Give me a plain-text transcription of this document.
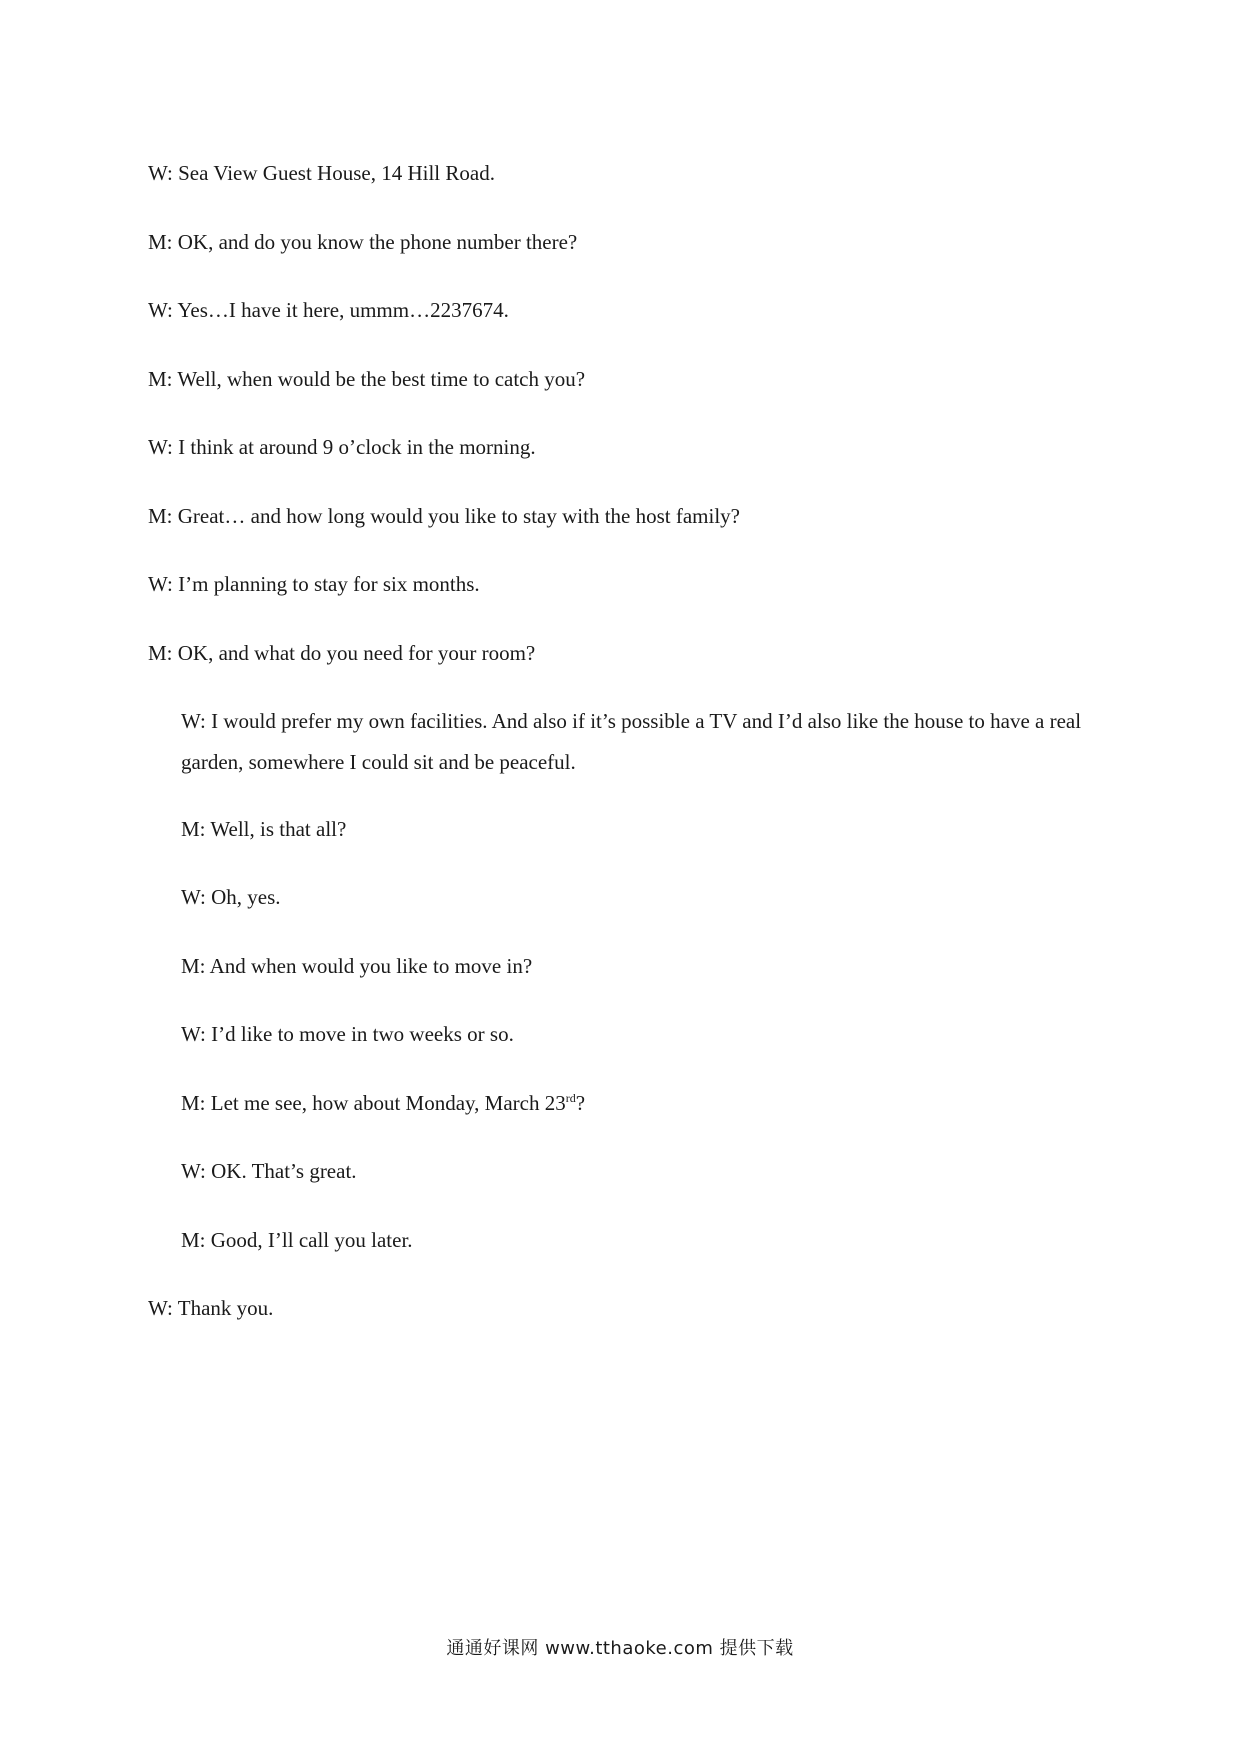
W: Sea View Guest House, 14 Hill Road.
M: OK, and do you know the phone number there?
W: Yes…I have it here, ummm…2237674.
M: Well, when would be the best time to catch you?
W: I think at around 9 o’clock in the morning.
M: Great… and how long would you like to stay with the host family?
W: I’m planning to stay for six months.
M: OK, and what do you need for your room?
W: I would prefer my own facilities. And also if it’s possible a TV and I’d also like the house to have a real garden, somewhere I could sit and be peaceful.
M: Well, is that all?
W: Oh, yes.
M: And when would you like to move in?
W: I’d like to move in two weeks or so.
M: Let me see, how about Monday, March 23rd?
W: OK. That’s great.
M: Good, I’ll call you later.
W: Thank you.
通通好课网 www.tthaoke.com 提供下载
